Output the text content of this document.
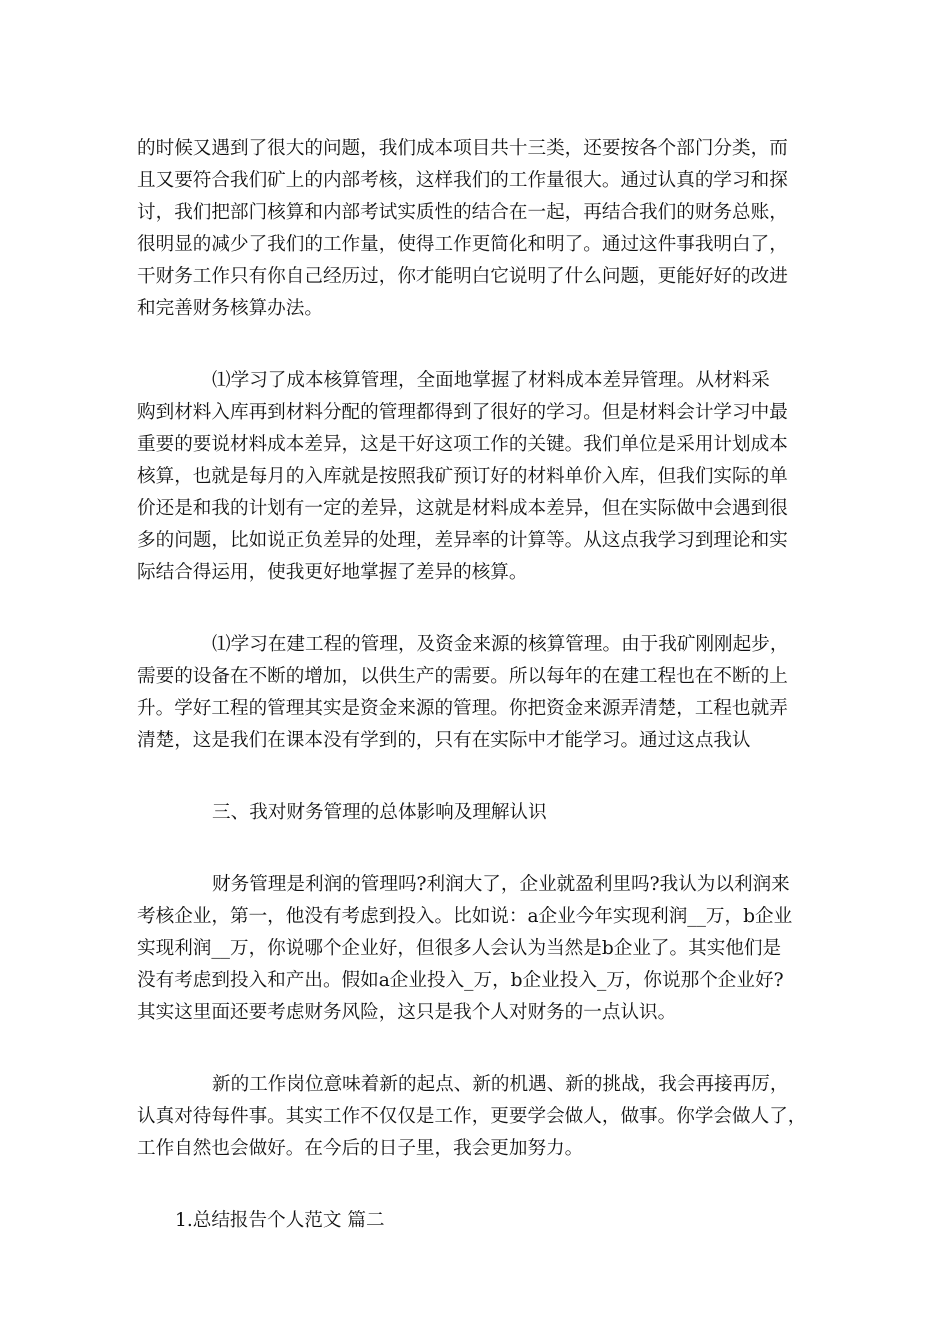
的时候又遇到了很大的问题，我们成本项目共十三类，还要按各个部门分类，而
且又要符合我们矿上的内部考核，这样我们的工作量很大。通过认真的学习和探
讨，我们把部门核算和内部考试实质性的结合在一起，再结合我们的财务总账，
很明显的减少了我们的工作量，使得工作更简化和明了。通过这件事我明白了，
干财务工作只有你自己经历过，你才能明白它说明了什么问题，更能好好的改进
和完善财务核算办法。

⑴学习了成本核算管理，全面地掌握了材料成本差异管理。从材料采
购到材料入库再到材料分配的管理都得到了很好的学习。但是材料会计学习中最
重要的要说材料成本差异，这是干好这项工作的关键。我们单位是采用计划成本
核算，也就是每月的入库就是按照我矿预订好的材料单价入库，但我们实际的单
价还是和我的计划有一定的差异，这就是材料成本差异，但在实际做中会遇到很
多的问题，比如说正负差异的处理，差异率的计算等。从这点我学习到理论和实
际结合得运用，使我更好地掌握了差异的核算。

⑴学习在建工程的管理，及资金来源的核算管理。由于我矿刚刚起步，
需要的设备在不断的增加，以供生产的需要。所以每年的在建工程也在不断的上
升。学好工程的管理其实是资金来源的管理。你把资金来源弄清楚，工程也就弄
清楚，这是我们在课本没有学到的，只有在实际中才能学习。通过这点我认

三、我对财务管理的总体影响及理解认识

财务管理是利润的管理吗?利润大了，企业就盈利里吗?我认为以利润来
考核企业，第一，他没有考虑到投入。比如说：a企业今年实现利润__万，b企业
实现利润__万，你说哪个企业好，但很多人会认为当然是b企业了。其实他们是
没有考虑到投入和产出。假如a企业投入_万，b企业投入_万，你说那个企业好?
其实这里面还要考虑财务风险，这只是我个人对财务的一点认识。

新的工作岗位意味着新的起点、新的机遇、新的挑战，我会再接再厉，
认真对待每件事。其实工作不仅仅是工作，更要学会做人，做事。你学会做人了，
工作自然也会做好。在今后的日子里，我会更加努力。

1.总结报告个人范文 篇二
